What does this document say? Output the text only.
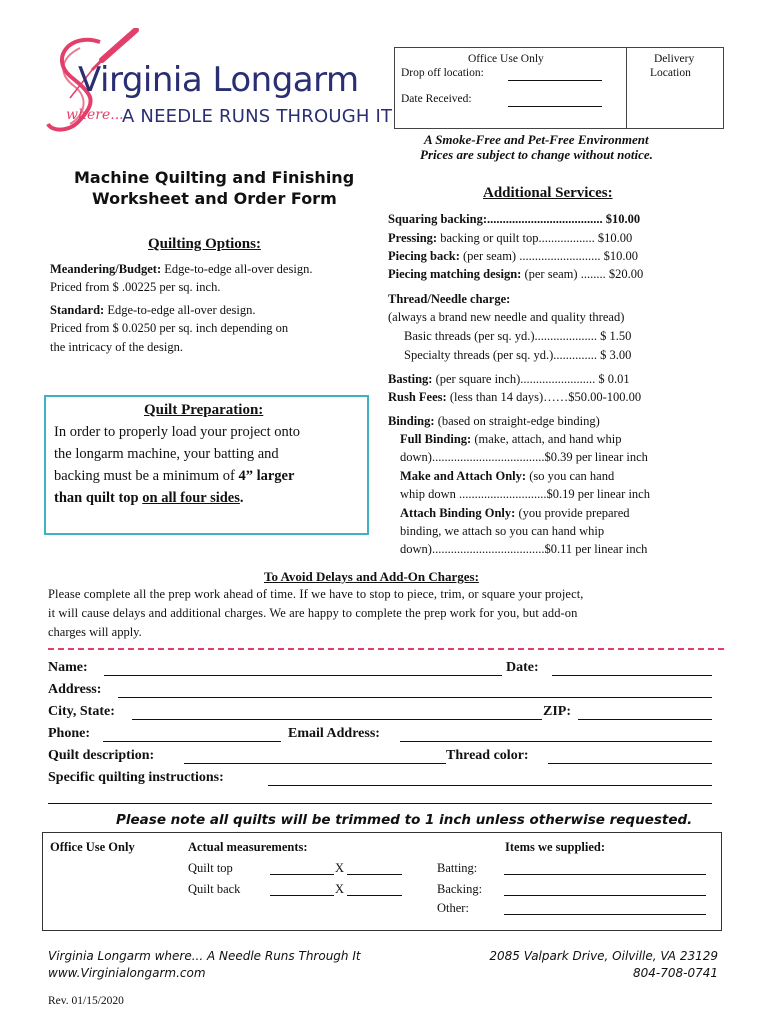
Virginia Longarm
where...
A NEEDLE RUNS THROUGH IT
Office Use Only
Drop off location:
Date Received:
Delivery
Location
A Smoke-Free and Pet-Free Environment
Prices are subject to change without notice.
Machine Quilting and Finishing
Worksheet and Order Form
Quilting Options:
Meandering/Budget: Edge-to-edge all-over design.
Priced from $ .00225 per sq. inch.
Standard: Edge-to-edge all-over design.
Priced from $ 0.0250 per sq. inch depending on
the intricacy of the design.
Quilt Preparation:
In order to properly load your project onto
the longarm machine, your batting and
backing must be a minimum of 4” larger
than quilt top on all four sides.
Additional Services:
Squaring backing:..................................... $10.00
Pressing: backing or quilt top.................. $10.00
Piecing back: (per seam) .......................... $10.00
Piecing matching design: (per seam) ........ $20.00
Thread/Needle charge:
(always a brand new needle and quality thread)
Basic threads (per sq. yd.).................... $ 1.50
Specialty threads (per sq. yd.).............. $ 3.00
Basting: (per square inch)........................ $ 0.01
Rush Fees: (less than 14 days)……$50.00-100.00
Binding: (based on straight-edge binding)
Full Binding: (make, attach, and hand whip
down)....................................$0.39 per linear inch
Make and Attach Only: (so you can hand
whip down ............................$0.19 per linear inch
Attach Binding Only: (you provide prepared
binding, we attach so you can hand whip
down)....................................$0.11 per linear inch
To Avoid Delays and Add-On Charges:
Please complete all the prep work ahead of time. If we have to stop to piece, trim, or square your project,
it will cause delays and additional charges. We are happy to complete the prep work for you, but add-on
charges will apply.
Name:	Date:
Address:
City, State:	ZIP:
Phone:	Email Address:
Quilt description:	Thread color:
Specific quilting instructions:
Please note all quilts will be trimmed to 1 inch unless otherwise requested.
Office Use Only	Actual measurements:
Quilt top	X
Quilt back	X
Items we supplied:
Batting:
Backing:
Other:
Virginia Longarm where... A Needle Runs Through It
www.Virginialongarm.com
2085 Valpark Drive, Oilville, VA 23129
804-708-0741
Rev. 01/15/2020
